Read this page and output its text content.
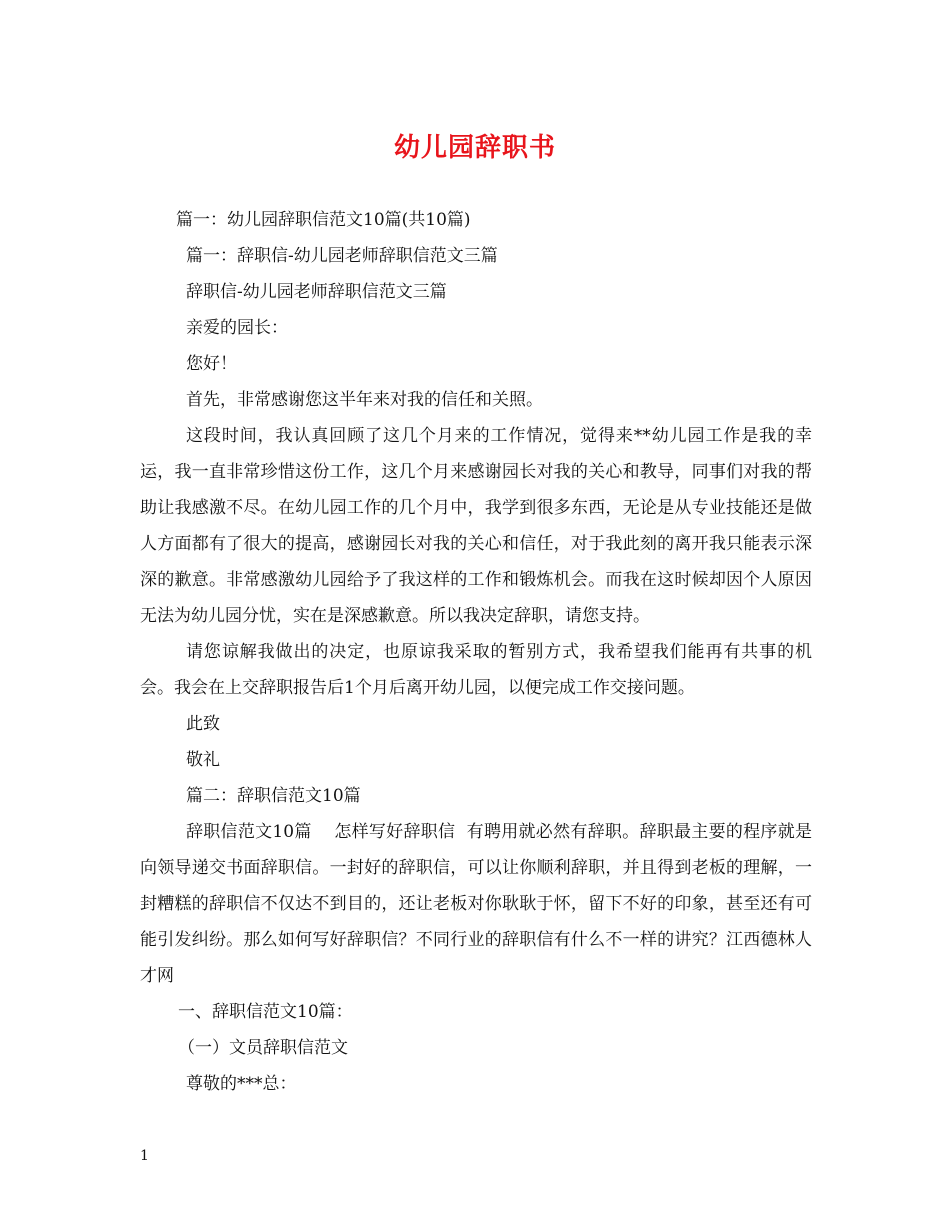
幼儿园辞职书

篇一：幼儿园辞职信范文10篇(共10篇)

篇一：辞职信-幼儿园老师辞职信范文三篇

辞职信-幼儿园老师辞职信范文三篇

亲爱的园长：

您好！

首先，非常感谢您这半年来对我的信任和关照。

这段时间，我认真回顾了这几个月来的工作情况，觉得来**幼儿园工作是我的幸运，我一直非常珍惜这份工作，这几个月来感谢园长对我的关心和教导，同事们对我的帮助让我感激不尽。在幼儿园工作的几个月中，我学到很多东西，无论是从专业技能还是做人方面都有了很大的提高，感谢园长对我的关心和信任，对于我此刻的离开我只能表示深深的歉意。非常感激幼儿园给予了我这样的工作和锻炼机会。而我在这时候却因个人原因无法为幼儿园分忧，实在是深感歉意。所以我决定辞职，请您支持。

请您谅解我做出的决定，也原谅我采取的暂别方式，我希望我们能再有共事的机会。我会在上交辞职报告后1个月后离开幼儿园，以便完成工作交接问题。

此致

敬礼

篇二：辞职信范文10篇

辞职信范文10篇    怎样写好辞职信  有聘用就必然有辞职。辞职最主要的程序就是向领导递交书面辞职信。一封好的辞职信，可以让你顺利辞职，并且得到老板的理解，一封糟糕的辞职信不仅达不到目的，还让老板对你耿耿于怀，留下不好的印象，甚至还有可能引发纠纷。那么如何写好辞职信？不同行业的辞职信有什么不一样的讲究？江西德林人才网

一、辞职信范文10篇：

（一）文员辞职信范文

尊敬的***总：

1
